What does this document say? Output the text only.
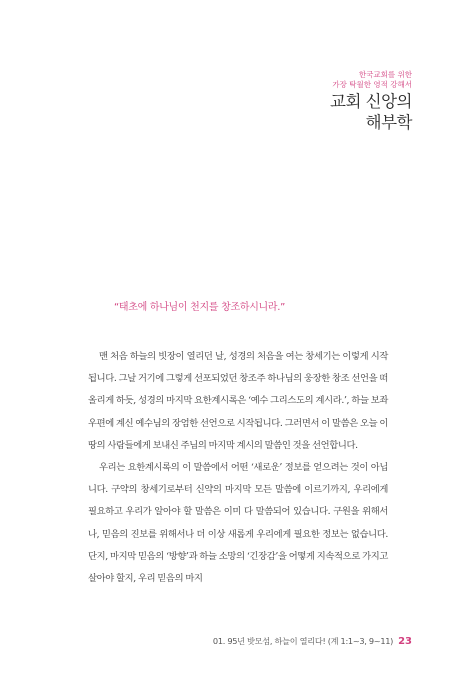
한국교회를 위한
가장 탁월한 영적 강해서
교회 신앙의
해부학
“태초에 하나님이 천지를 창조하시니라.”

맨 처음 하늘의 빗장이 열리던 날, 성경의 처음을 여는 창세기는 이렇게 시작됩니다. 그날 거기에 그렇게 선포되었던 창조주 하나님의 웅장한 창조 선언을 떠올리게 하듯, 성경의 마지막 요한계시록은 ‘예수 그리스도의 계시라.’, 하늘 보좌 우편에 계신 예수님의 장엄한 선언으로 시작됩니다. 그러면서 이 말씀은 오늘 이 땅의 사람들에게 보내신 주님의 마지막 계시의 말씀인 것을 선언합니다.

우리는 요한계시록의 이 말씀에서 어떤 ‘새로운’ 정보를 얻으려는 것이 아닙니다. 구약의 창세기로부터 신약의 마지막 모든 말씀에 이르기까지, 우리에게 필요하고 우리가 알아야 할 말씀은 이미 다 말씀되어 있습니다. 구원을 위해서나, 믿음의 진보를 위해서나 더 이상 새롭게 우리에게 필요한 정보는 없습니다. 단지, 마지막 믿음의 ‘방향’과 하늘 소망의 ‘긴장감’을 어떻게 지속적으로 가지고 살아야 할지, 우리 믿음의 마지

01. 95년 밧모섬, 하늘이 열리다! (계 1:1~3, 9~11) 23
